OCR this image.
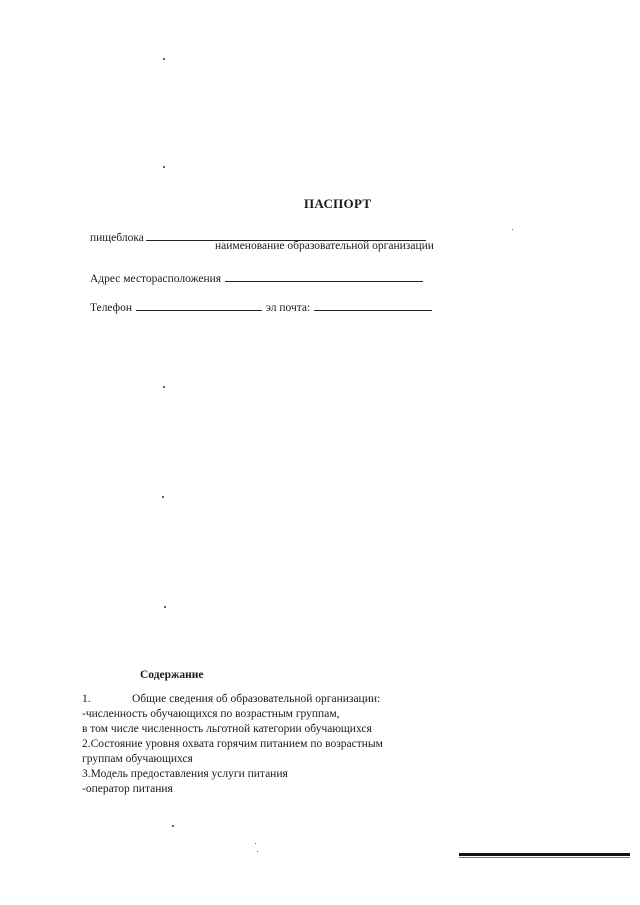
ПАСПОРТ
пищеблока
наименование образовательной организации
Адрес месторасположения
Телефон	эл почта:
Содержание
1.	Общие сведения об образовательной организации:
-численность обучающихся по возрастным группам,
в том числе численность льготной категории обучающихся
2.Состояние уровня охвата горячим питанием по возрастным
группам обучающихся
3.Модель предоставления услуги питания
-оператор питания
